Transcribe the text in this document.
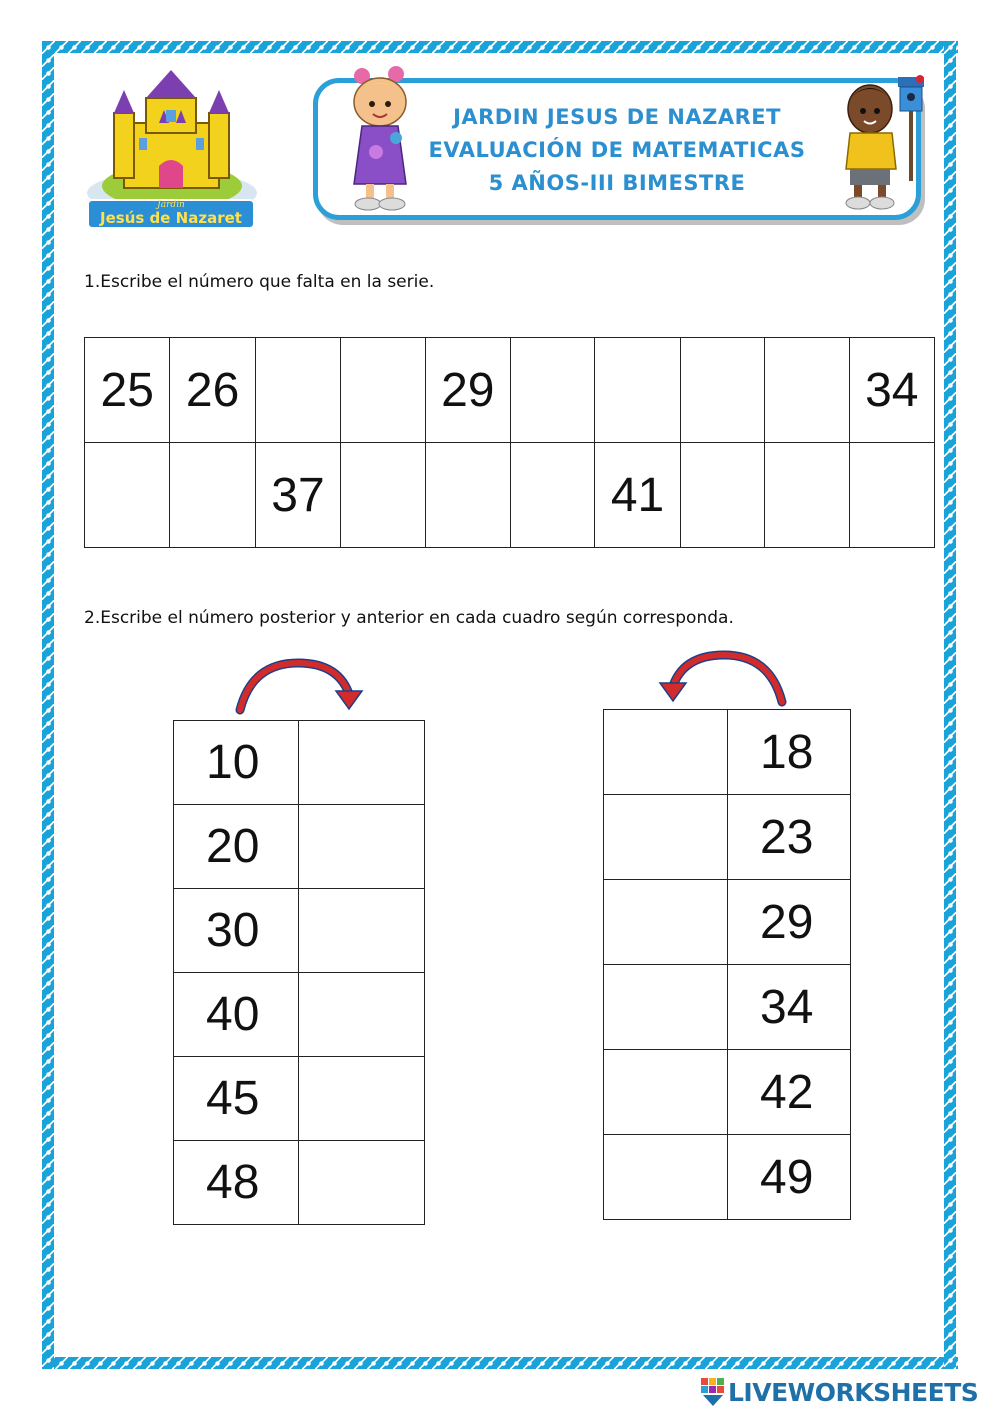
Jardín
Jesús de Nazaret
JARDIN JESUS DE NAZARET
EVALUACIÓN DE MATEMATICAS
5 AÑOS-III BIMESTRE
1.Escribe el número que falta en la serie.
25	26			29					34
		37				41			
2.Escribe el número posterior y anterior en cada cuadro según corresponda.
10	
20	
30	
40	
45	
48	
	18
	23
	29
	34
	42
	49
LIVEWORKSHEETS
